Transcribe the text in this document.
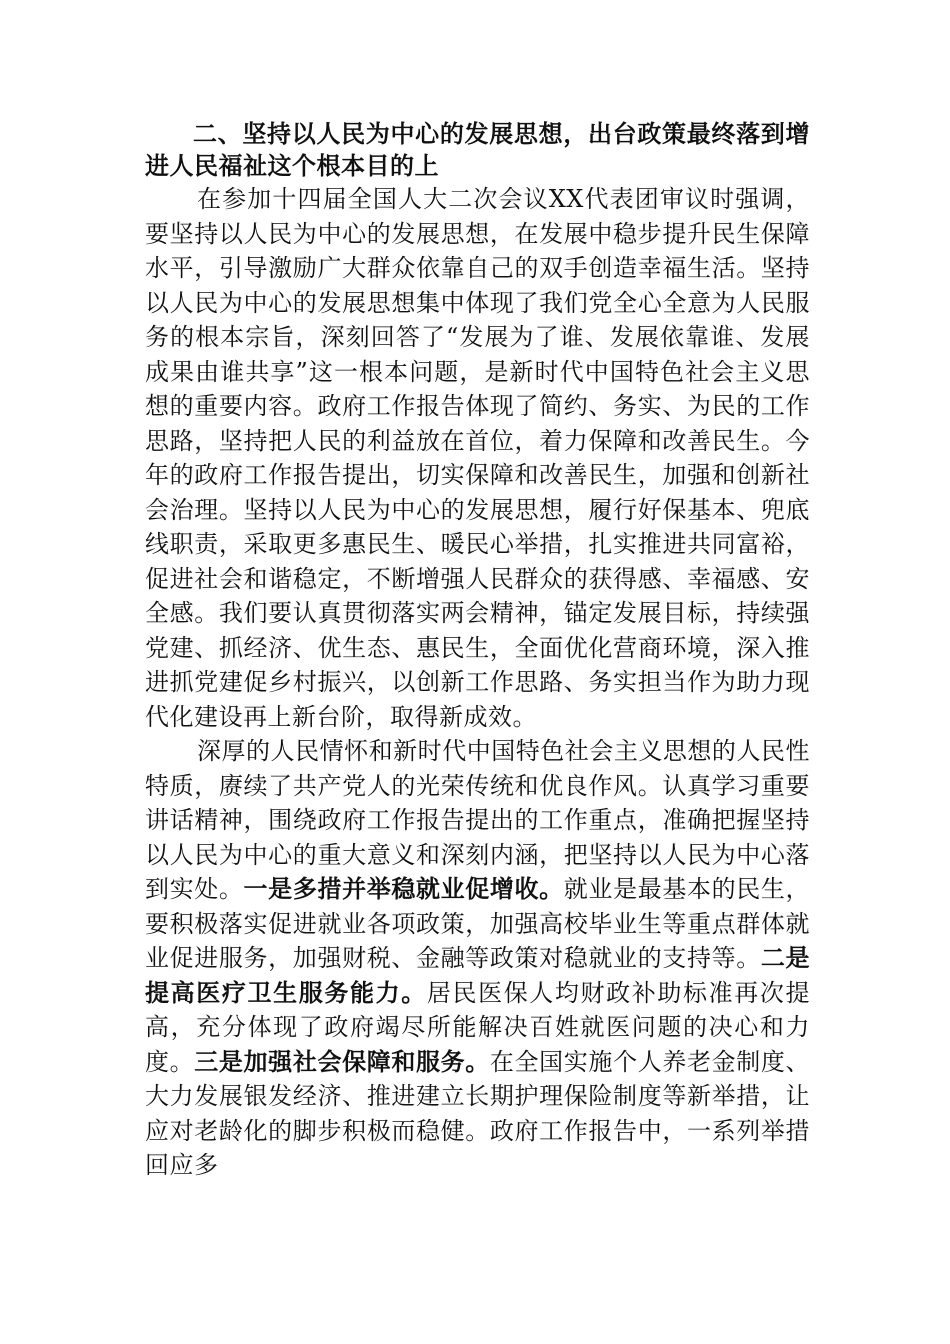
二、坚持以人民为中心的发展思想，出台政策最终落到增进人民福祉这个根本目的上

在参加十四届全国人大二次会议XX代表团审议时强调，要坚持以人民为中心的发展思想，在发展中稳步提升民生保障水平，引导激励广大群众依靠自己的双手创造幸福生活。坚持以人民为中心的发展思想集中体现了我们党全心全意为人民服务的根本宗旨，深刻回答了“发展为了谁、发展依靠谁、发展成果由谁共享”这一根本问题，是新时代中国特色社会主义思想的重要内容。政府工作报告体现了简约、务实、为民的工作思路，坚持把人民的利益放在首位，着力保障和改善民生。今年的政府工作报告提出，切实保障和改善民生，加强和创新社会治理。坚持以人民为中心的发展思想，履行好保基本、兜底线职责，采取更多惠民生、暖民心举措，扎实推进共同富裕，促进社会和谐稳定，不断增强人民群众的获得感、幸福感、安全感。我们要认真贯彻落实两会精神，锚定发展目标，持续强党建、抓经济、优生态、惠民生，全面优化营商环境，深入推进抓党建促乡村振兴，以创新工作思路、务实担当作为助力现代化建设再上新台阶，取得新成效。

深厚的人民情怀和新时代中国特色社会主义思想的人民性特质，赓续了共产党人的光荣传统和优良作风。认真学习重要讲话精神，围绕政府工作报告提出的工作重点，准确把握坚持以人民为中心的重大意义和深刻内涵，把坚持以人民为中心落到实处。一是多措并举稳就业促增收。就业是最基本的民生，要积极落实促进就业各项政策，加强高校毕业生等重点群体就业促进服务，加强财税、金融等政策对稳就业的支持等。二是提高医疗卫生服务能力。居民医保人均财政补助标准再次提高，充分体现了政府竭尽所能解决百姓就医问题的决心和力度。三是加强社会保障和服务。在全国实施个人养老金制度、大力发展银发经济、推进建立长期护理保险制度等新举措，让应对老龄化的脚步积极而稳健。政府工作报告中，一系列举措回应多
